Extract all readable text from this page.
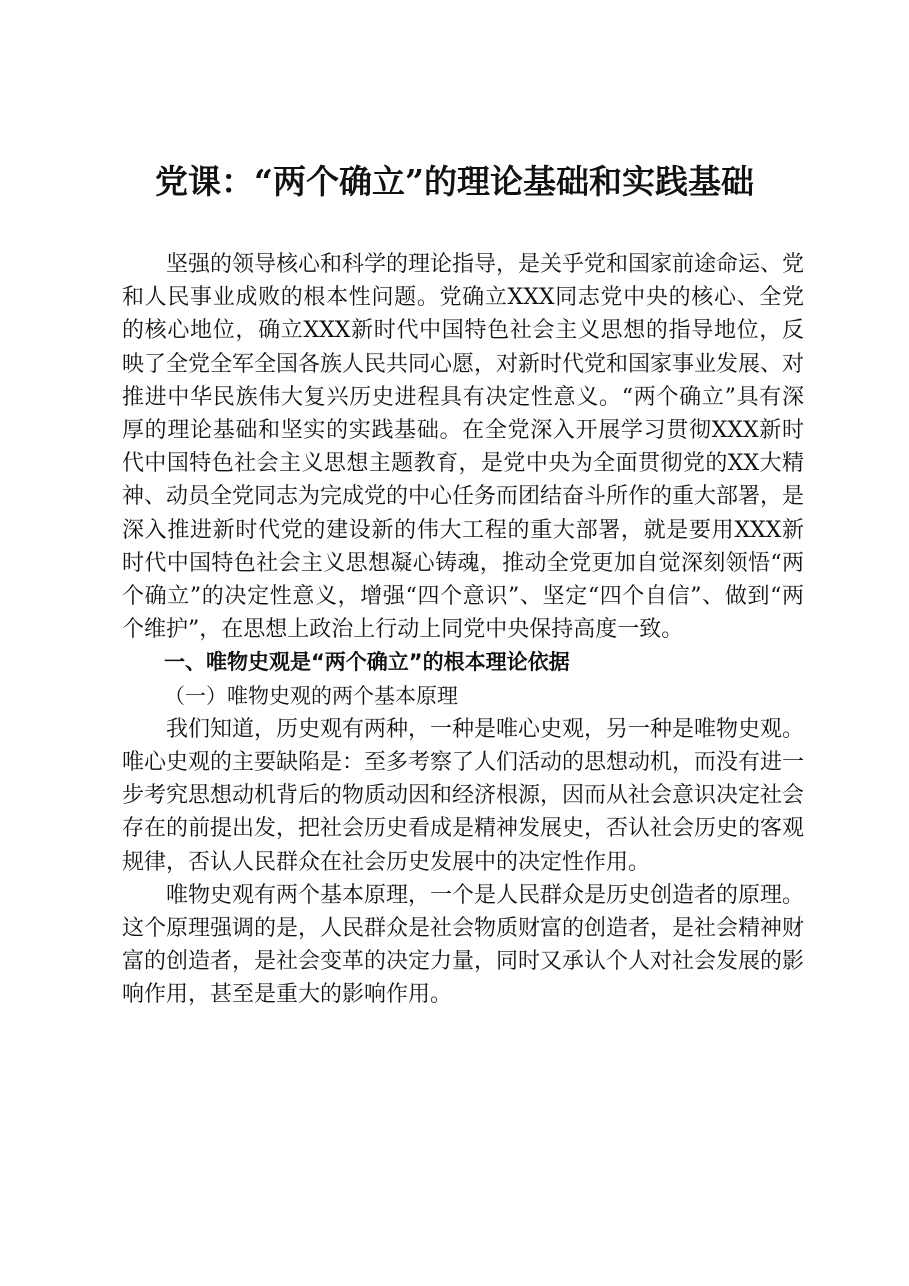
党课：“两个确立”的理论基础和实践基础

坚强的领导核心和科学的理论指导，是关乎党和国家前途命运、党和人民事业成败的根本性问题。党确立XXX同志党中央的核心、全党的核心地位，确立XXX新时代中国特色社会主义思想的指导地位，反映了全党全军全国各族人民共同心愿，对新时代党和国家事业发展、对推进中华民族伟大复兴历史进程具有决定性意义。“两个确立”具有深厚的理论基础和坚实的实践基础。在全党深入开展学习贯彻XXX新时代中国特色社会主义思想主题教育，是党中央为全面贯彻党的XX大精神、动员全党同志为完成党的中心任务而团结奋斗所作的重大部署，是深入推进新时代党的建设新的伟大工程的重大部署，就是要用XXX新时代中国特色社会主义思想凝心铸魂，推动全党更加自觉深刻领悟“两个确立”的决定性意义，增强“四个意识”、坚定“四个自信”、做到“两个维护”，在思想上政治上行动上同党中央保持高度一致。

一、唯物史观是“两个确立”的根本理论依据

（一）唯物史观的两个基本原理

我们知道，历史观有两种，一种是唯心史观，另一种是唯物史观。唯心史观的主要缺陷是：至多考察了人们活动的思想动机，而没有进一步考究思想动机背后的物质动因和经济根源，因而从社会意识决定社会存在的前提出发，把社会历史看成是精神发展史，否认社会历史的客观规律，否认人民群众在社会历史发展中的决定性作用。

唯物史观有两个基本原理，一个是人民群众是历史创造者的原理。这个原理强调的是，人民群众是社会物质财富的创造者，是社会精神财富的创造者，是社会变革的决定力量，同时又承认个人对社会发展的影响作用，甚至是重大的影响作用。
